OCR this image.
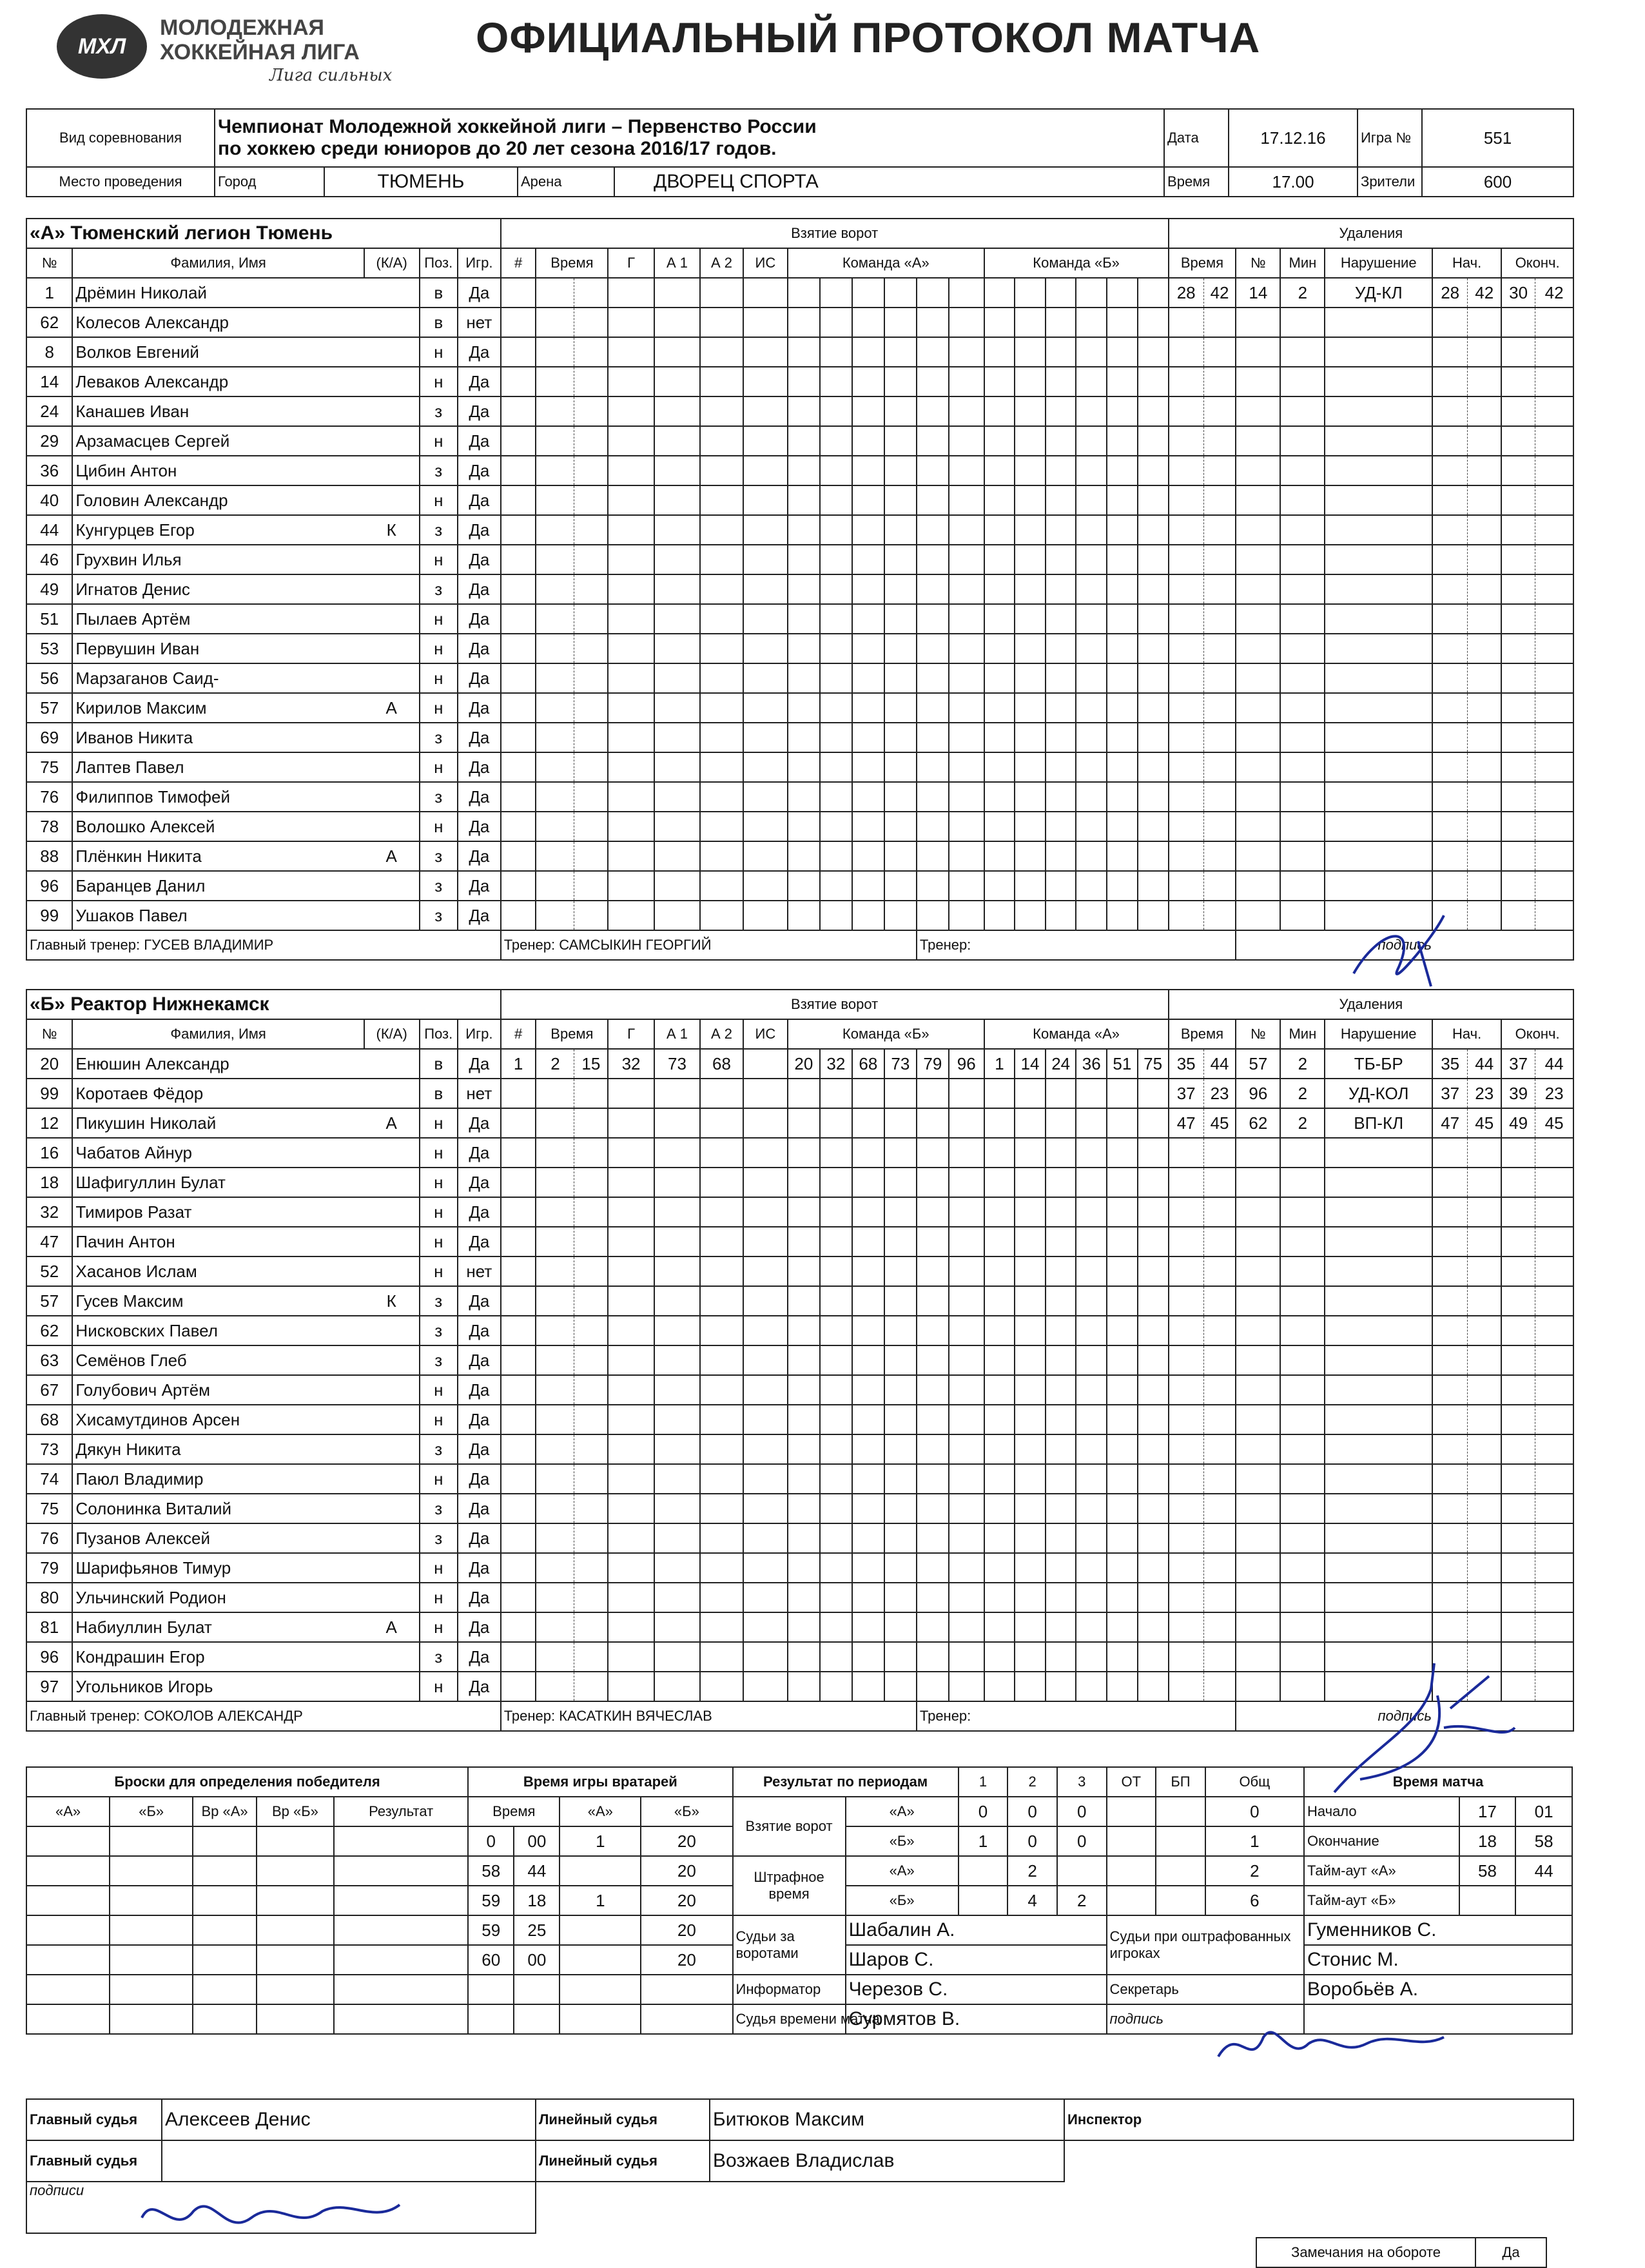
МХЛ
МОЛОДЕЖНАЯ
ХОККЕЙНАЯ ЛИГА
Лига сильных
ОФИЦИАЛЬНЫЙ ПРОТОКОЛ МАТЧА
Вид соревнования	Чемпионат Молодежной хоккейной лиги – Первенство России
по хоккею среди юниоров до 20 лет сезона 2016/17 годов.				Дата	17.12.16	Игра №	551
Место проведения	Город	ТЮМЕНЬ	Арена	ДВОРЕЦ СПОРТА	Время	17.00	Зрители	600
«А» Тюменский легион Тюмень					Взятие ворот																			Удаления								
№	Фамилия, Имя	(К/А)	Поз.	Игр.	#	Время		Г	А 1	А 2	ИС	Команда «А»						Команда «Б»						Время		№	Мин	Нарушение	Нач.		Оконч.	
1	Дрёмин Николай		в	Да																				28	42	14	2	УД-КЛ	28	42	30	42
62	Колесов Александр		в	нет																												
8	Волков Евгений		н	Да																												
14	Леваков Александр		н	Да																												
24	Канашев Иван		з	Да																												
29	Арзамасцев Сергей		н	Да																												
36	Цибин Антон		з	Да																												
40	Головин Александр		н	Да																												
44	Кунгурцев Егор	К	з	Да																												
46	Грухвин Илья		н	Да																												
49	Игнатов Денис		з	Да																												
51	Пылаев Артём		н	Да																												
53	Первушин Иван		н	Да																												
56	Марзаганов Саид-		н	Да																												
57	Кирилов Максим	А	н	Да																												
69	Иванов Никита		з	Да																												
75	Лаптев Павел		н	Да																												
76	Филиппов Тимофей		з	Да																												
78	Волошко Алексей		н	Да																												
88	Плёнкин Никита	А	з	Да																												
96	Баранцев Данил		з	Да																												
99	Ушаков Павел		з	Да																												
Главный тренер: ГУСЕВ ВЛАДИМИР					Тренер: САМСЫКИН ГЕОРГИЙ											Тренер:										подпись						
«Б» Реактор Нижнекамск					Взятие ворот																			Удаления								
№	Фамилия, Имя	(К/А)	Поз.	Игр.	#	Время		Г	А 1	А 2	ИС	Команда «Б»						Команда «А»						Время		№	Мин	Нарушение	Нач.		Оконч.	
20	Енюшин Александр		в	Да	1	2	15	32	73	68		20	32	68	73	79	96	1	14	24	36	51	75	35	44	57	2	ТБ-БР	35	44	37	44
99	Коротаев Фёдор		в	нет																				37	23	96	2	УД-КОЛ	37	23	39	23
12	Пикушин Николай	А	н	Да																				47	45	62	2	ВП-КЛ	47	45	49	45
16	Чабатов Айнур		н	Да																												
18	Шафигуллин Булат		н	Да																												
32	Тимиров Разат		н	Да																												
47	Пачин Антон		н	Да																												
52	Хасанов Ислам		н	нет																												
57	Гусев Максим	К	з	Да																												
62	Нисковских Павел		з	Да																												
63	Семёнов Глеб		з	Да																												
67	Голубович Артём		н	Да																												
68	Хисамутдинов Арсен		н	Да																												
73	Дякун Никита		з	Да																												
74	Паюл Владимир		н	Да																												
75	Солонинка Виталий		з	Да																												
76	Пузанов Алексей		з	Да																												
79	Шарифьянов Тимур		н	Да																												
80	Ульчинский Родион		н	Да																												
81	Набиуллин Булат	А	н	Да																												
96	Кондрашин Егор		з	Да																												
97	Угольников Игорь		н	Да																												
Главный тренер: СОКОЛОВ АЛЕКСАНДР					Тренер: КАСАТКИН ВЯЧЕСЛАВ											Тренер:										подпись						
Броски для определения победителя					Время игры вратарей				Результат по периодам		1	2	3	ОТ	БП	Общ	Время матча		
«А»	«Б»	Вр «А»	Вр «Б»	Результат	Время		«А»	«Б»	Взятие ворот	«А»	0	0	0			0	Начало	17	01
					0	00	1	20		«Б»	1	0	0			1	Окончание	18	58
					58	44		20	Штрафное время	«А»		2				2	Тайм-аут «А»	58	44
					59	18	1	20		«Б»		4	2			6	Тайм-аут «Б»		
					59	25		20	Судьи за воротами	Шабалин А.				Судьи при оштрафованных игроках			Гуменников С.		
					60	00		20		Шаров С.							Стонис М.		
									Информатор	Черезов С.				Секретарь			Воробьёв А.		
									Судья времени матча	Сурмятов В.				подпись					
Главный судья	Алексеев Денис	Линейный судья	Битюков Максим	Инспектор
Главный судья		Линейный судья	Возжаев Владислав	
подписи				
Замечания на обороте	Да
